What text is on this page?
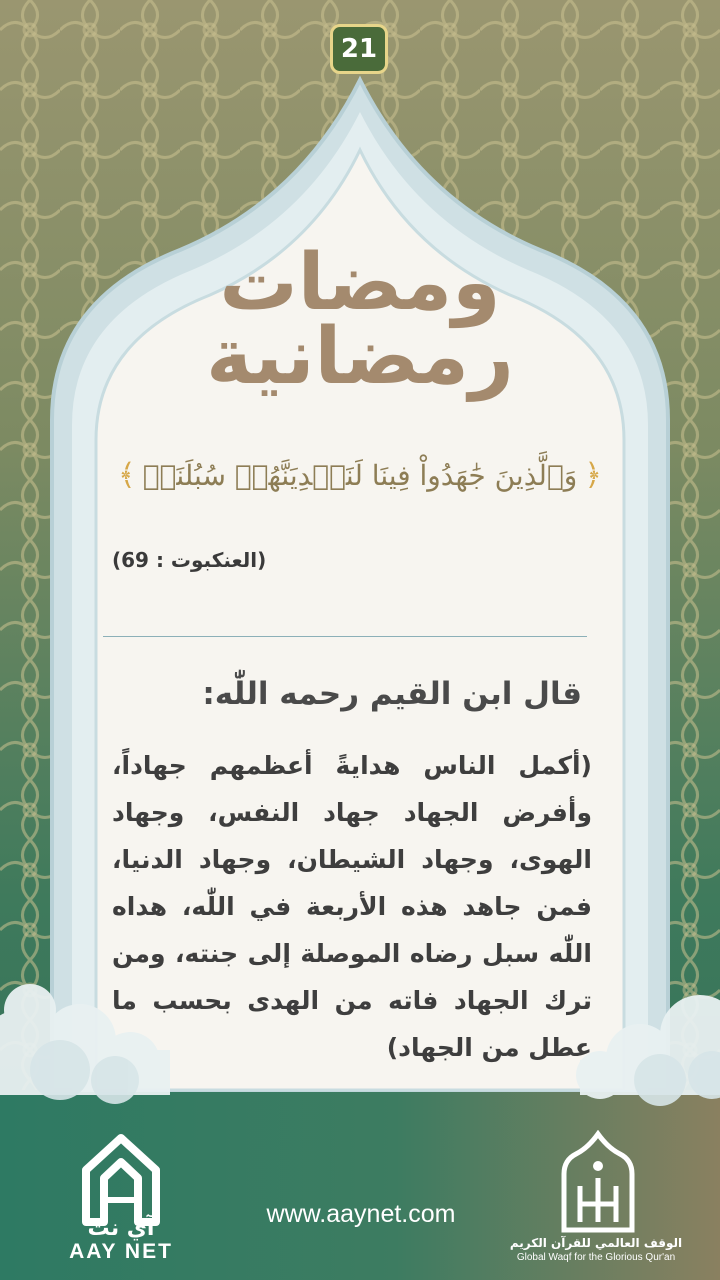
21
ومضات
رمضانية
﴿
وَٱلَّذِينَ جَٰهَدُواْ فِينَا لَنَهۡدِيَنَّهُمۡ سُبُلَنَاۚ
﴾
(العنكبوت : 69)
قال ابن القيم رحمه اللّٰه:
(أكمل الناس هدايةً أعظمهم جهاداً، وأفرض الجهاد جهاد النفس، وجهاد الهوى، وجهاد الشيطان، وجهاد الدنيا، فمن جاهد هذه الأربعة في اللّٰه، هداه اللّٰه سبل رضاه الموصلة إلى جنته، ومن ترك الجهاد فاته من الهدى بحسب ما عطل من الجهاد)
آي نت
AAY NET
www.aaynet.com
الوقف العالمي للقرآن الكريم
Global Waqf for the Glorious Qur'an
